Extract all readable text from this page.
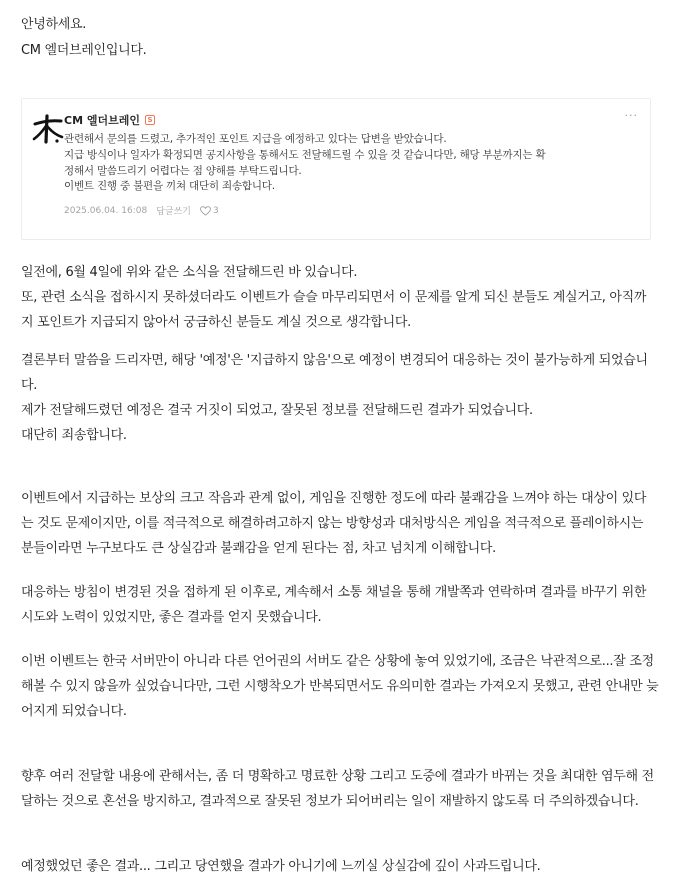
안녕하세요.
CM 엘더브레인입니다.
CM 엘더브레인	S	···
관련해서 문의를 드렸고, 추가적인 포인트 지급을 예정하고 있다는 답변을 받았습니다.
지급 방식이나 일자가 확정되면 공지사항을 통해서도 전달해드릴 수 있을 것 같습니다만, 해당 부분까지는 확
정해서 말씀드리기 어렵다는 점 양해를 부탁드립니다.
이벤트 진행 중 불편을 끼쳐 대단히 죄송합니다.
2025.06.04. 16:08 답글쓰기 3
일전에, 6월 4일에 위와 같은 소식을 전달해드린 바 있습니다.
또, 관련 소식을 접하시지 못하셨더라도 이벤트가 슬슬 마무리되면서 이 문제를 알게 되신 분들도 계실거고, 아직까
지 포인트가 지급되지 않아서 궁금하신 분들도 계실 것으로 생각합니다.
결론부터 말씀을 드리자면, 해당 '예정'은 '지급하지 않음'으로 예정이 변경되어 대응하는 것이 불가능하게 되었습니
다.
제가 전달해드렸던 예정은 결국 거짓이 되었고, 잘못된 정보를 전달해드린 결과가 되었습니다.
대단히 죄송합니다.
이벤트에서 지급하는 보상의 크고 작음과 관계 없이, 게임을 진행한 정도에 따라 불쾌감을 느껴야 하는 대상이 있다
는 것도 문제이지만, 이를 적극적으로 해결하려고하지 않는 방향성과 대처방식은 게임을 적극적으로 플레이하시는
분들이라면 누구보다도 큰 상실감과 불쾌감을 얻게 된다는 점, 차고 넘치게 이해합니다.
대응하는 방침이 변경된 것을 접하게 된 이후로, 계속해서 소통 채널을 통해 개발쪽과 연락하며 결과를 바꾸기 위한
시도와 노력이 있었지만, 좋은 결과를 얻지 못했습니다.
이번 이벤트는 한국 서버만이 아니라 다른 언어권의 서버도 같은 상황에 놓여 있었기에, 조금은 낙관적으로...잘 조정
해볼 수 있지 않을까 싶었습니다만, 그런 시행착오가 반복되면서도 유의미한 결과는 가져오지 못했고, 관련 안내만 늦
어지게 되었습니다.
향후 여러 전달할 내용에 관해서는, 좀 더 명확하고 명료한 상황 그리고 도중에 결과가 바뀌는 것을 최대한 염두해 전
달하는 것으로 혼선을 방지하고, 결과적으로 잘못된 정보가 되어버리는 일이 재발하지 않도록 더 주의하겠습니다.
예정했었던 좋은 결과... 그리고 당연했을 결과가 아니기에 느끼실 상실감에 깊이 사과드립니다.
